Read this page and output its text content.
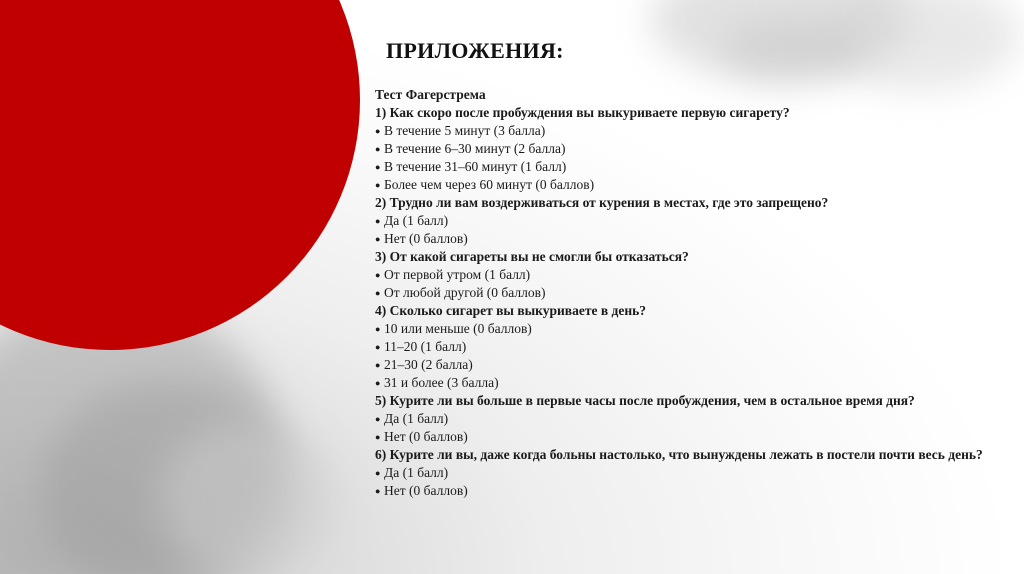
ПРИЛОЖЕНИЯ:

Тест Фагерстрема

1) Как скоро после пробуждения вы выкуриваете первую сигарету?

● В течение 5 минут (3 балла)
● В течение 6–30 минут (2 балла)
● В течение 31–60 минут (1 балл)
● Более чем через 60 минут (0 баллов)

2) Трудно ли вам воздерживаться от курения в местах, где это запрещено?

● Да (1 балл)
● Нет (0 баллов)

3) От какой сигареты вы не смогли бы отказаться?

● От первой утром (1 балл)
● От любой другой (0 баллов)

4) Сколько сигарет вы выкуриваете в день?

● 10 или меньше (0 баллов)
● 11–20 (1 балл)
● 21–30 (2 балла)
● 31 и более (3 балла)

5) Курите ли вы больше в первые часы после пробуждения, чем в остальное время дня?

● Да (1 балл)
● Нет (0 баллов)

6) Курите ли вы, даже когда больны настолько, что вынуждены лежать в постели почти весь день?

● Да (1 балл)
● Нет (0 баллов)
